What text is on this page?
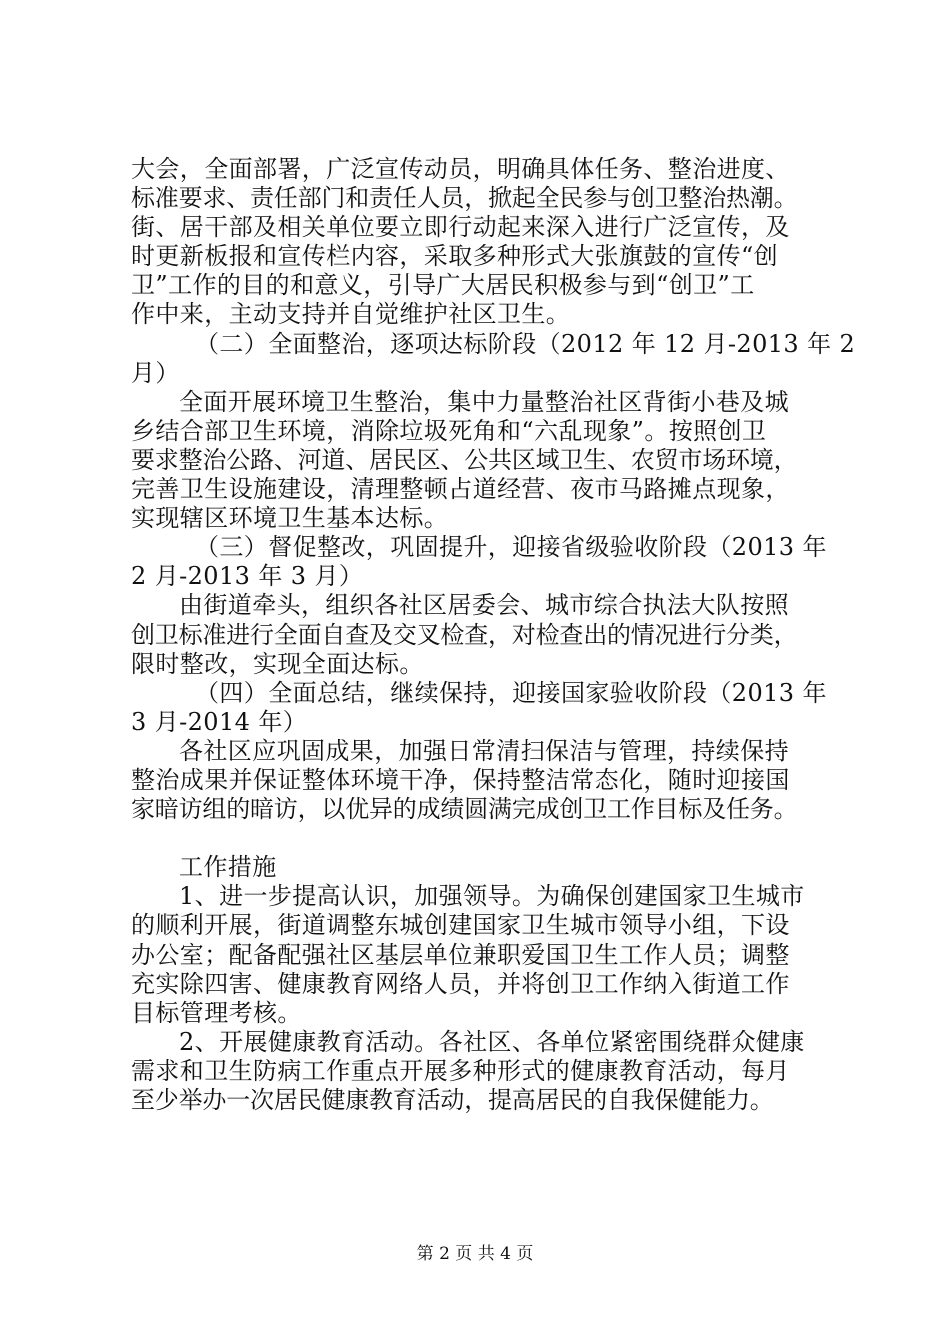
大会，全面部署，广泛宣传动员，明确具体任务、整治进度、
标准要求、责任部门和责任人员，掀起全民参与创卫整治热潮。
街、居干部及相关单位要立即行动起来深入进行广泛宣传，及
时更新板报和宣传栏内容，采取多种形式大张旗鼓的宣传“创
卫”工作的目的和意义，引导广大居民积极参与到“创卫”工
作中来，主动支持并自觉维护社区卫生。
（二）全面整治，逐项达标阶段（2012 年 12 月-2013 年 2
月）
全面开展环境卫生整治，集中力量整治社区背街小巷及城
乡结合部卫生环境，消除垃圾死角和“六乱现象”。按照创卫
要求整治公路、河道、居民区、公共区域卫生、农贸市场环境，
完善卫生设施建设，清理整顿占道经营、夜市马路摊点现象，
实现辖区环境卫生基本达标。
（三）督促整改，巩固提升，迎接省级验收阶段（2013 年
2 月-2013 年 3 月）
由街道牵头，组织各社区居委会、城市综合执法大队按照
创卫标准进行全面自查及交叉检查，对检查出的情况进行分类，
限时整改，实现全面达标。
（四）全面总结，继续保持，迎接国家验收阶段（2013 年
3 月-2014 年）
各社区应巩固成果，加强日常清扫保洁与管理，持续保持
整治成果并保证整体环境干净，保持整洁常态化，随时迎接国
家暗访组的暗访，以优异的成绩圆满完成创卫工作目标及任务。
工作措施
1、进一步提高认识，加强领导。为确保创建国家卫生城市
的顺利开展，街道调整东城创建国家卫生城市领导小组，下设
办公室；配备配强社区基层单位兼职爱国卫生工作人员；调整
充实除四害、健康教育网络人员，并将创卫工作纳入街道工作
目标管理考核。
2、开展健康教育活动。各社区、各单位紧密围绕群众健康
需求和卫生防病工作重点开展多种形式的健康教育活动，每月
至少举办一次居民健康教育活动，提高居民的自我保健能力。
第 2 页 共 4 页
